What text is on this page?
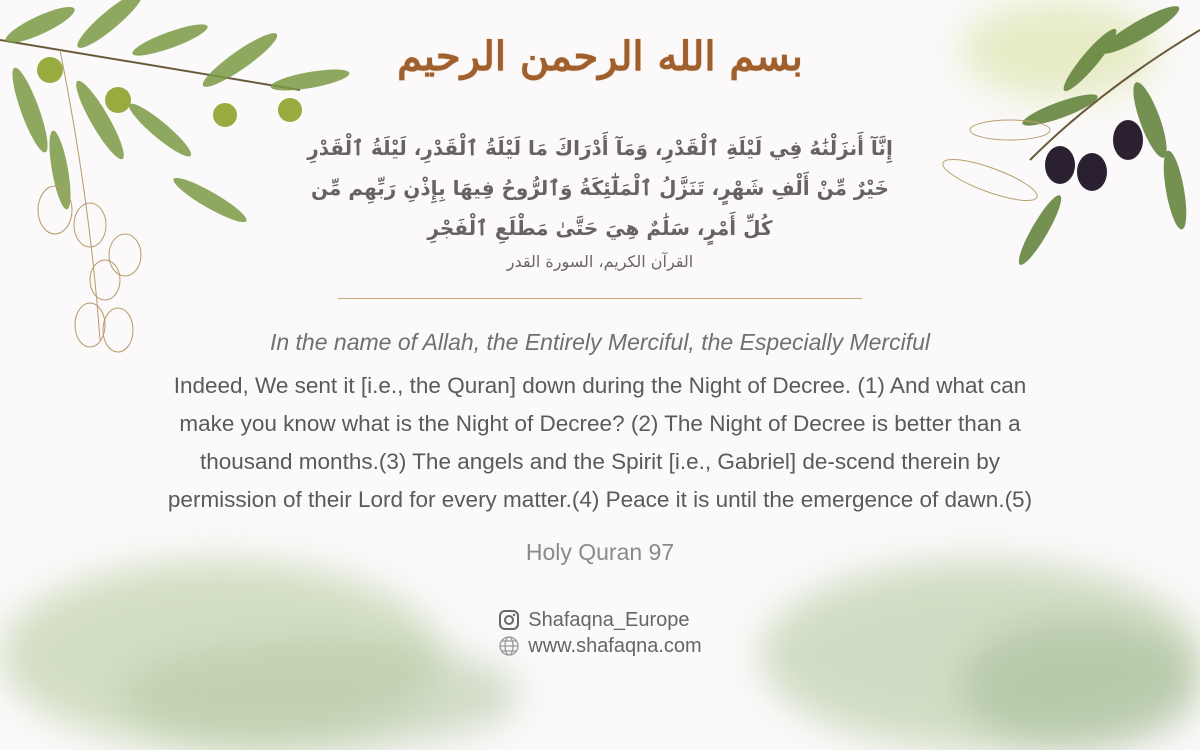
بسم الله الرحمن الرحيم
إِنَّآ أَنزَلْنَٰهُ فِي لَيْلَةِ ٱلْقَدْرِ، وَمَآ أَدْرَاكَ مَا لَيْلَةُ ٱلْقَدْرِ، لَيْلَةُ ٱلْقَدْرِ
خَيْرٌ مِّنْ أَلْفِ شَهْرٍ، تَنَزَّلُ ٱلْمَلَٰٓئِكَةُ وَٱلرُّوحُ فِيهَا بِإِذْنِ رَبِّهِم مِّن
كُلِّ أَمْرٍ، سَلَٰمٌ هِيَ حَتَّىٰ مَطْلَعِ ٱلْفَجْرِ
القرآن الكريم، السورة القدر
In the name of Allah, the Entirely Merciful, the Especially Merciful
Indeed, We sent it [i.e., the Quran] down during the Night of Decree. (1) And what can make you know what is the Night of Decree? (2) The Night of Decree is better than a thousand months.(3) The angels and the Spirit [i.e., Gabriel] de-scend therein by permission of their Lord for every matter.(4) Peace it is until the emergence of dawn.(5)
Holy Quran 97
Shafaqna_Europe
www.shafaqna.com
